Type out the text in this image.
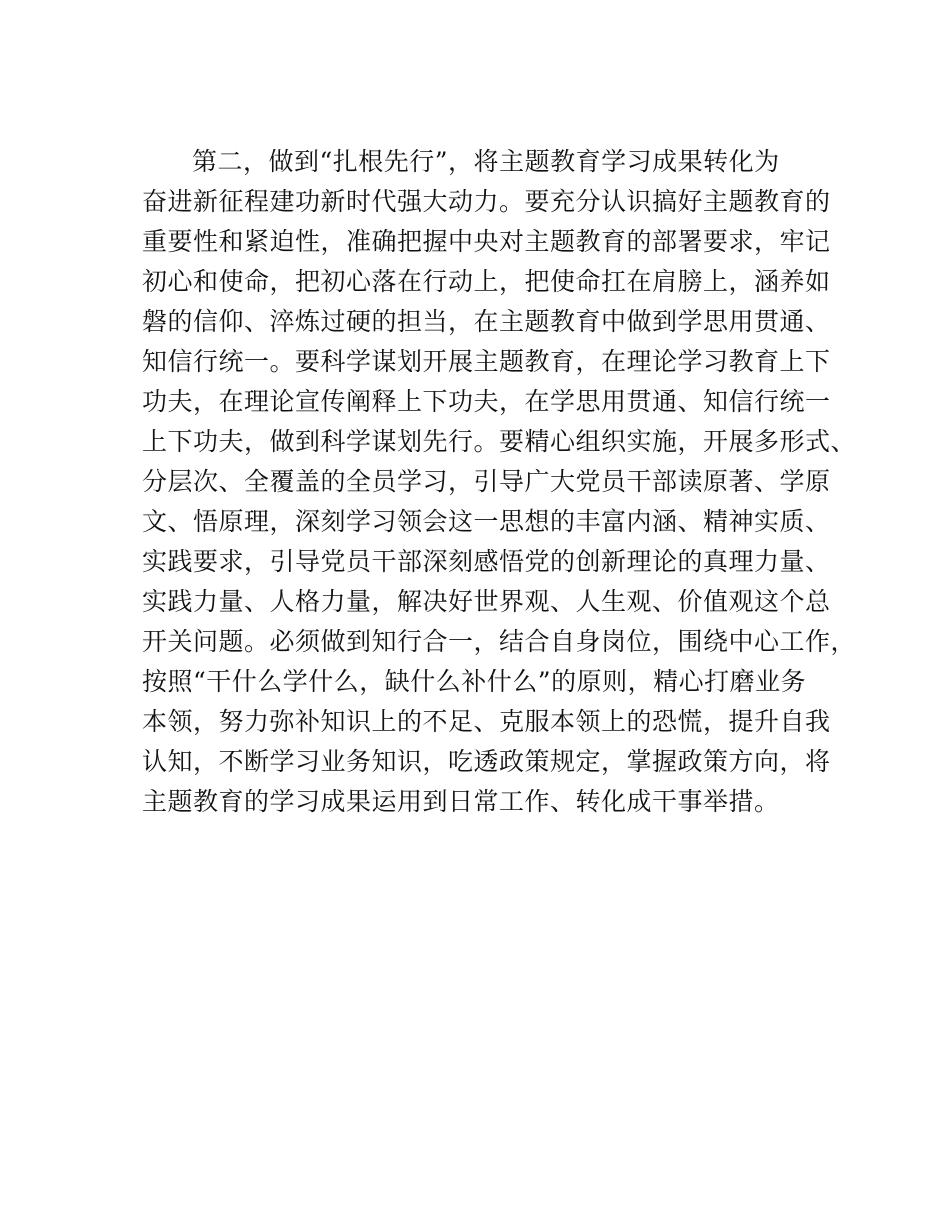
第二，做到“扎根先行”，将主题教育学习成果转化为
奋进新征程建功新时代强大动力。要充分认识搞好主题教育的
重要性和紧迫性，准确把握中央对主题教育的部署要求，牢记
初心和使命，把初心落在行动上，把使命扛在肩膀上，涵养如
磐的信仰、淬炼过硬的担当，在主题教育中做到学思用贯通、
知信行统一。要科学谋划开展主题教育，在理论学习教育上下
功夫，在理论宣传阐释上下功夫，在学思用贯通、知信行统一
上下功夫，做到科学谋划先行。要精心组织实施，开展多形式、
分层次、全覆盖的全员学习，引导广大党员干部读原著、学原
文、悟原理，深刻学习领会这一思想的丰富内涵、精神实质、
实践要求，引导党员干部深刻感悟党的创新理论的真理力量、
实践力量、人格力量，解决好世界观、人生观、价值观这个总
开关问题。必须做到知行合一，结合自身岗位，围绕中心工作，
按照“干什么学什么，缺什么补什么”的原则，精心打磨业务
本领，努力弥补知识上的不足、克服本领上的恐慌，提升自我
认知，不断学习业务知识，吃透政策规定，掌握政策方向，将
主题教育的学习成果运用到日常工作、转化成干事举措。
